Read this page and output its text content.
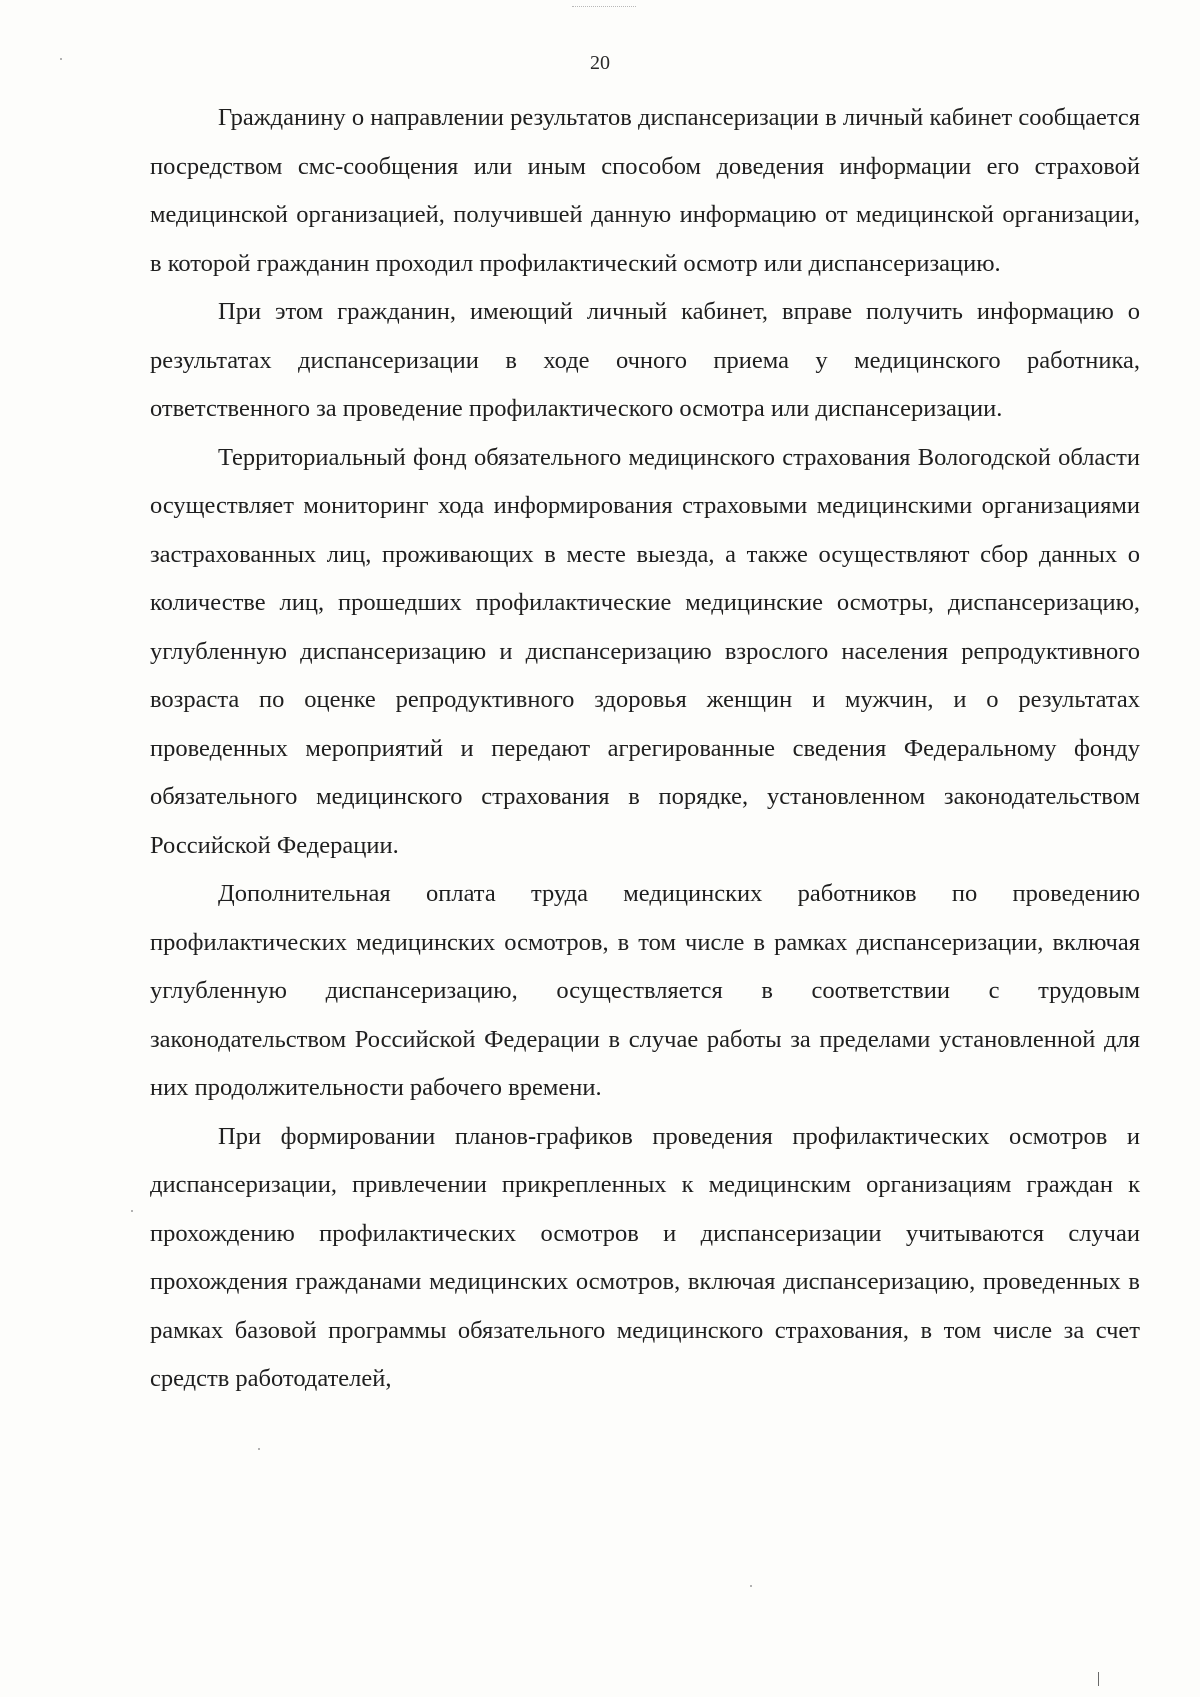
20

Гражданину о направлении результатов диспансеризации в личный кабинет сообщается посредством смс-сообщения или иным способом доведения информации его страховой медицинской организацией, получившей данную информацию от медицинской организации, в которой гражданин проходил профилактический осмотр или диспансеризацию.

При этом гражданин, имеющий личный кабинет, вправе получить информацию о результатах диспансеризации в ходе очного приема у медицинского работника, ответственного за проведение профилактического осмотра или диспансеризации.

Территориальный фонд обязательного медицинского страхования Вологодской области осуществляет мониторинг хода информирования страховыми медицинскими организациями застрахованных лиц, проживающих в месте выезда, а также осуществляют сбор данных о количестве лиц, прошедших профилактические медицинские осмотры, диспансеризацию, углубленную диспансеризацию и диспансеризацию взрослого населения репродуктивного возраста по оценке репродуктивного здоровья женщин и мужчин, и о результатах проведенных мероприятий и передают агрегированные сведения Федеральному фонду обязательного медицинского страхования в порядке, установленном законодательством Российской Федерации.

Дополнительная оплата труда медицинских работников по проведению профилактических медицинских осмотров, в том числе в рамках диспансеризации, включая углубленную диспансеризацию, осуществляется в соответствии с трудовым законодательством Российской Федерации в случае работы за пределами установленной для них продолжительности рабочего времени.

При формировании планов-графиков проведения профилактических осмотров и диспансеризации, привлечении прикрепленных к медицинским организациям граждан к прохождению профилактических осмотров и диспансеризации учитываются случаи прохождения гражданами медицинских осмотров, включая диспансеризацию, проведенных в рамках базовой программы обязательного медицинского страхования, в том числе за счет средств работодателей,
